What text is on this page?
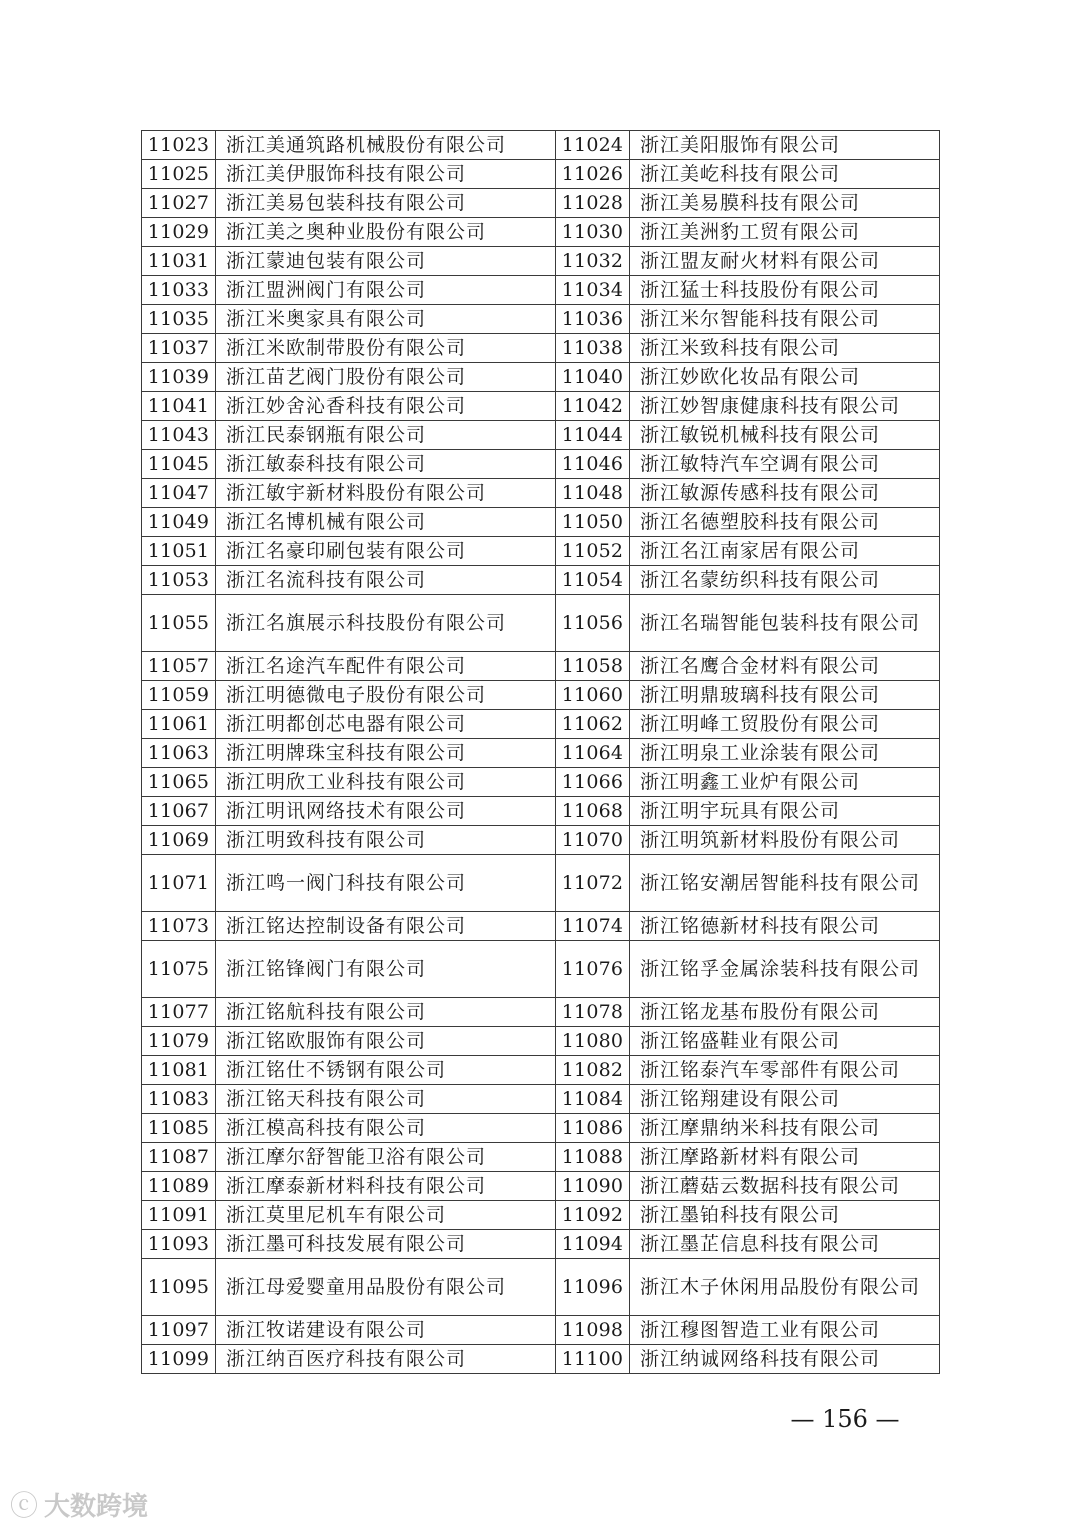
11023	浙江美通筑路机械股份有限公司	11024	浙江美阳服饰有限公司
11025	浙江美伊服饰科技有限公司	11026	浙江美屹科技有限公司
11027	浙江美易包装科技有限公司	11028	浙江美易膜科技有限公司
11029	浙江美之奥种业股份有限公司	11030	浙江美洲豹工贸有限公司
11031	浙江蒙迪包装有限公司	11032	浙江盟友耐火材料有限公司
11033	浙江盟洲阀门有限公司	11034	浙江猛士科技股份有限公司
11035	浙江米奥家具有限公司	11036	浙江米尔智能科技有限公司
11037	浙江米欧制带股份有限公司	11038	浙江米致科技有限公司
11039	浙江苗艺阀门股份有限公司	11040	浙江妙欧化妆品有限公司
11041	浙江妙舍沁香科技有限公司	11042	浙江妙智康健康科技有限公司
11043	浙江民泰钢瓶有限公司	11044	浙江敏锐机械科技有限公司
11045	浙江敏泰科技有限公司	11046	浙江敏特汽车空调有限公司
11047	浙江敏宇新材料股份有限公司	11048	浙江敏源传感科技有限公司
11049	浙江名博机械有限公司	11050	浙江名德塑胶科技有限公司
11051	浙江名豪印刷包装有限公司	11052	浙江名江南家居有限公司
11053	浙江名流科技有限公司	11054	浙江名蒙纺织科技有限公司
11055	浙江名旗展示科技股份有限公司	11056	浙江名瑞智能包装科技有限公司
11057	浙江名途汽车配件有限公司	11058	浙江名鹰合金材料有限公司
11059	浙江明德微电子股份有限公司	11060	浙江明鼎玻璃科技有限公司
11061	浙江明都创芯电器有限公司	11062	浙江明峰工贸股份有限公司
11063	浙江明牌珠宝科技有限公司	11064	浙江明泉工业涂装有限公司
11065	浙江明欣工业科技有限公司	11066	浙江明鑫工业炉有限公司
11067	浙江明讯网络技术有限公司	11068	浙江明宇玩具有限公司
11069	浙江明致科技有限公司	11070	浙江明筑新材料股份有限公司
11071	浙江鸣一阀门科技有限公司	11072	浙江铭安潮居智能科技有限公司
11073	浙江铭达控制设备有限公司	11074	浙江铭德新材科技有限公司
11075	浙江铭锋阀门有限公司	11076	浙江铭孚金属涂装科技有限公司
11077	浙江铭航科技有限公司	11078	浙江铭龙基布股份有限公司
11079	浙江铭欧服饰有限公司	11080	浙江铭盛鞋业有限公司
11081	浙江铭仕不锈钢有限公司	11082	浙江铭泰汽车零部件有限公司
11083	浙江铭天科技有限公司	11084	浙江铭翔建设有限公司
11085	浙江模高科技有限公司	11086	浙江摩鼎纳米科技有限公司
11087	浙江摩尔舒智能卫浴有限公司	11088	浙江摩路新材料有限公司
11089	浙江摩泰新材料科技有限公司	11090	浙江蘑菇云数据科技有限公司
11091	浙江莫里尼机车有限公司	11092	浙江墨铂科技有限公司
11093	浙江墨可科技发展有限公司	11094	浙江墨芷信息科技有限公司
11095	浙江母爱婴童用品股份有限公司	11096	浙江木子休闲用品股份有限公司
11097	浙江牧诺建设有限公司	11098	浙江穆图智造工业有限公司
11099	浙江纳百医疗科技有限公司	11100	浙江纳诚网络科技有限公司
— 156 —
ⓒ 大数跨境
